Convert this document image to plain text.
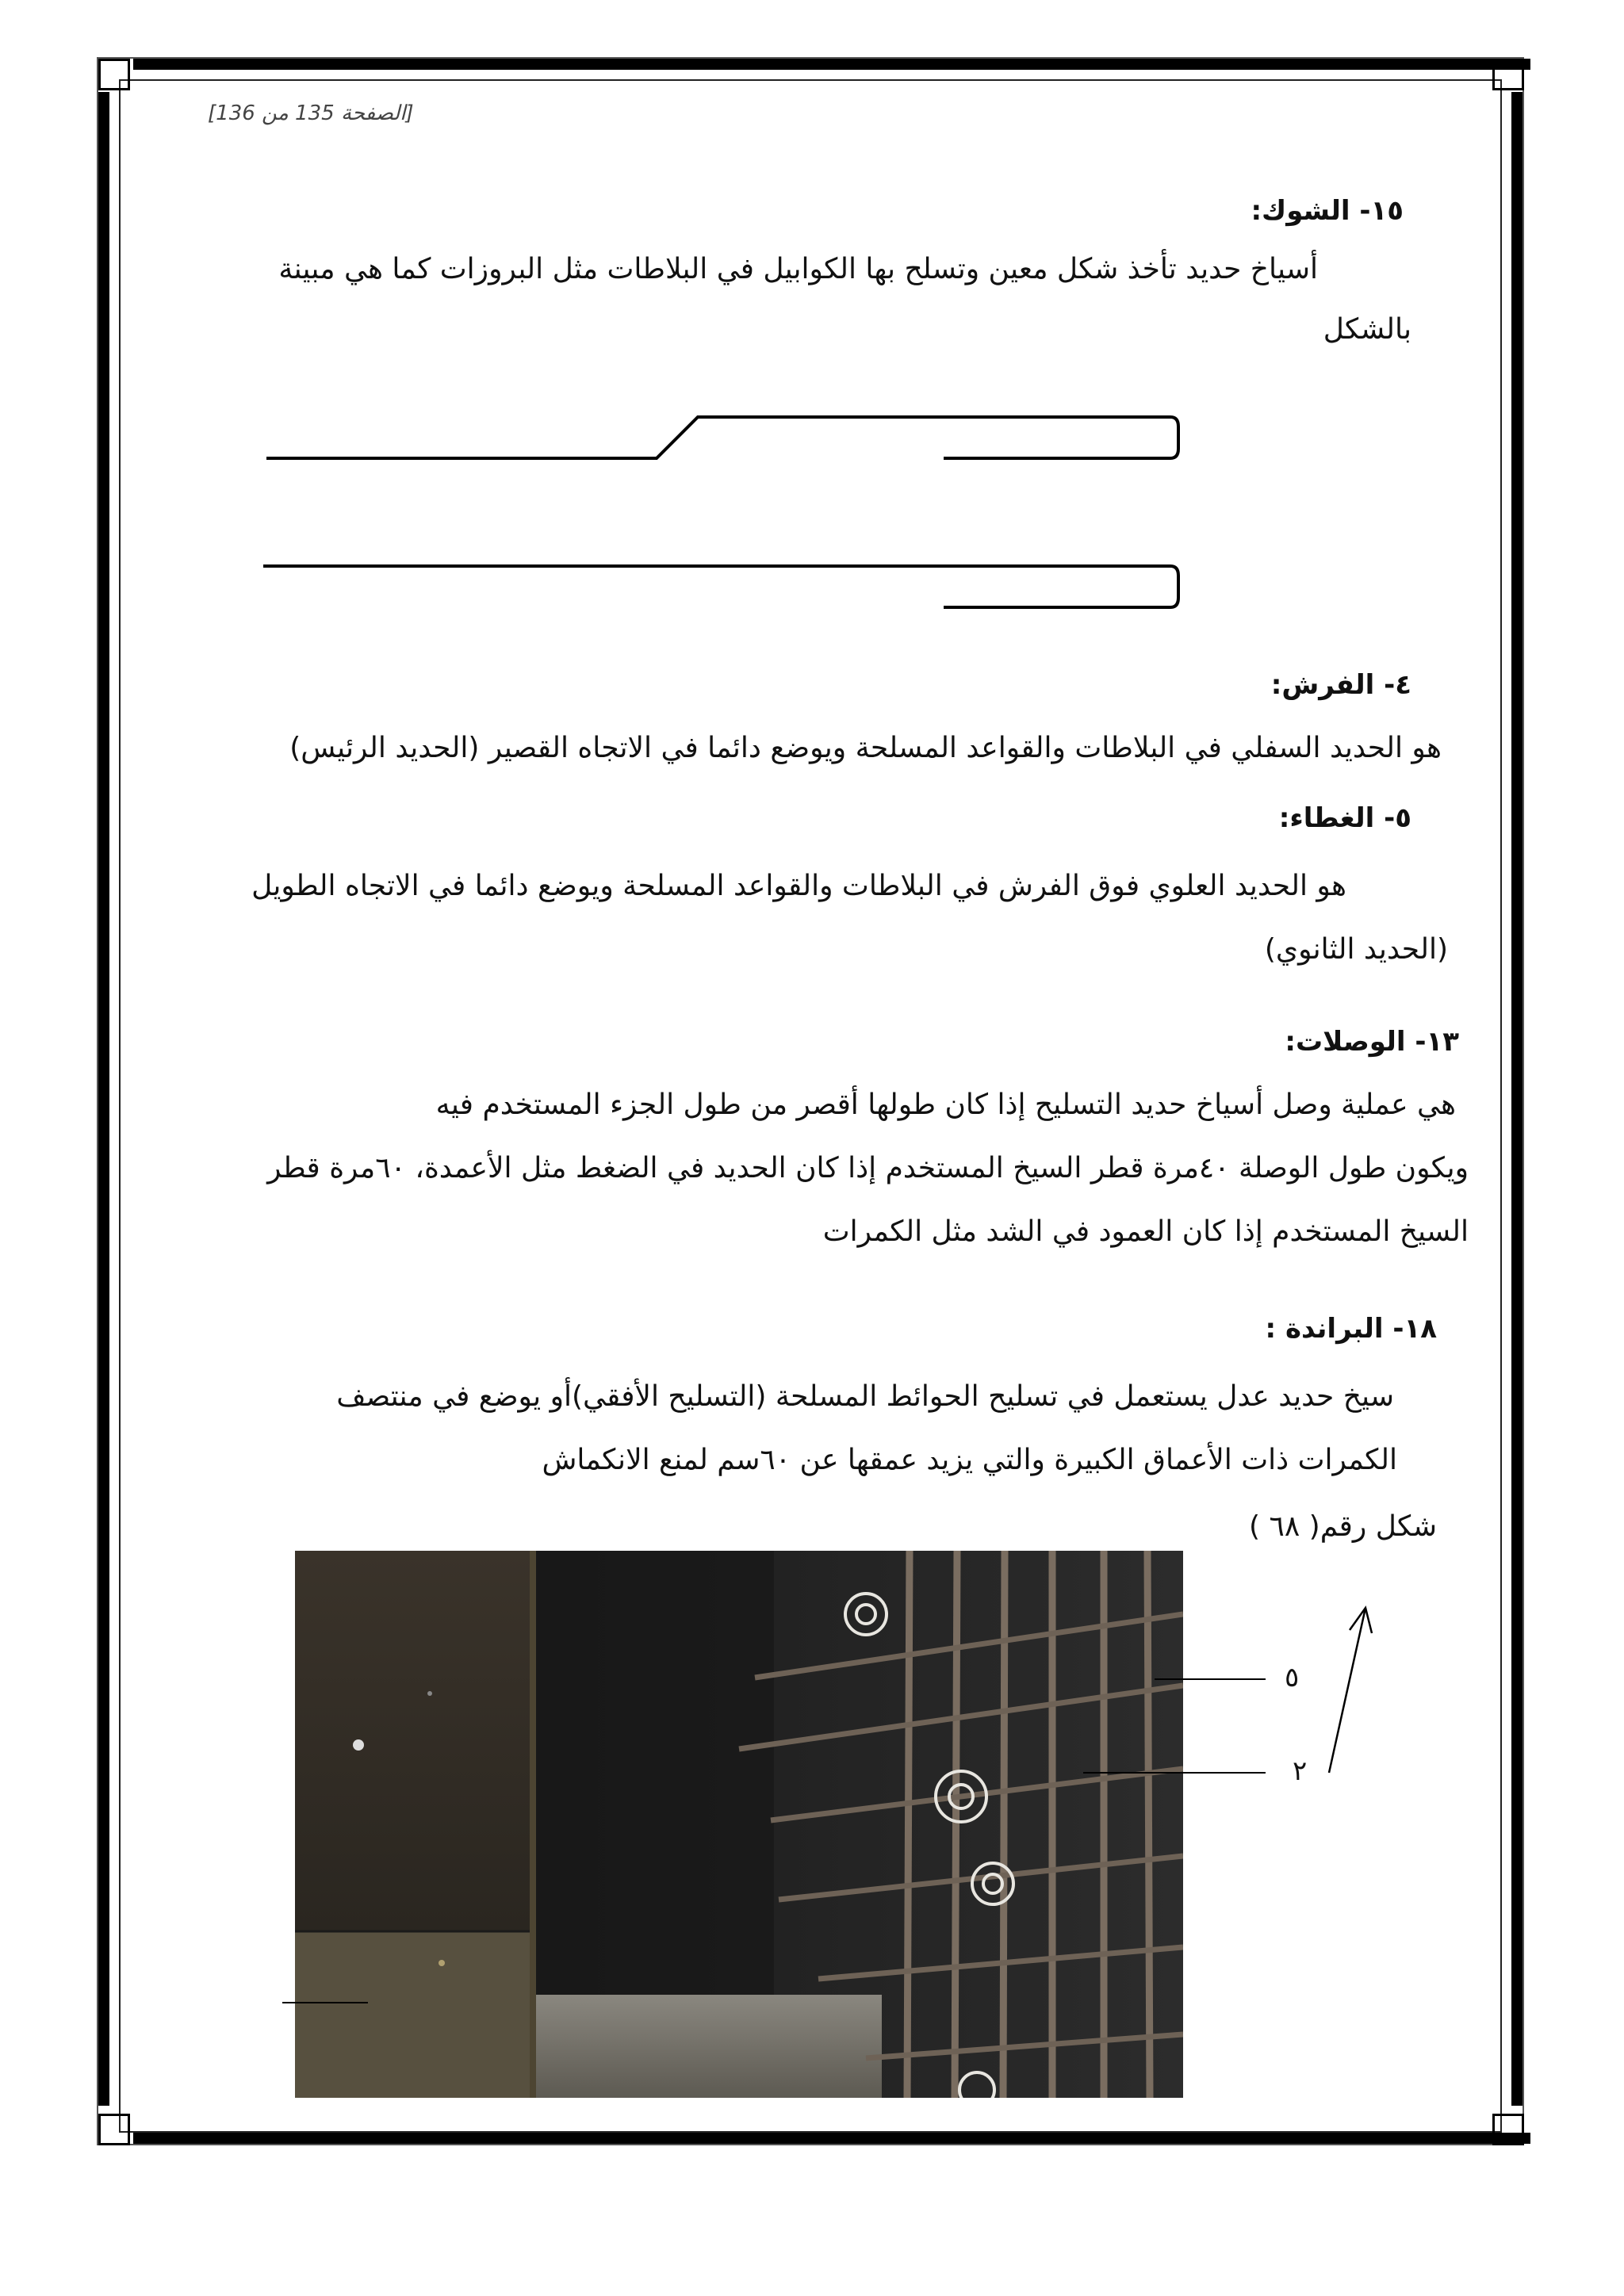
[الصفحة 135 من 136]
١٥- الشوك:
أسياخ حديد تأخذ شكل معين وتسلح بها الكوابيل في البلاطات مثل البروزات كما هي مبينة
بالشكل
٤- الفرش:
هو الحديد السفلي في البلاطات والقواعد المسلحة ويوضع دائما في الاتجاه القصير (الحديد الرئيس)
٥- الغطاء:
هو الحديد العلوي فوق الفرش في البلاطات والقواعد المسلحة ويوضع دائما في الاتجاه الطويل
(الحديد الثانوي)
١٣- الوصلات:
هي عملية وصل أسياخ حديد التسليح إذا كان طولها أقصر من طول الجزء المستخدم فيه
ويكون طول الوصلة ٤٠مرة قطر السيخ المستخدم إذا كان الحديد في الضغط مثل الأعمدة، ٦٠مرة قطر
السيخ المستخدم إذا كان العمود في الشد مثل الكمرات
١٨- البراندة :
سيخ حديد عدل يستعمل في تسليح الحوائط المسلحة (التسليح الأفقي)أو يوضع في منتصف
الكمرات ذات الأعماق الكبيرة والتي يزيد عمقها عن ٦٠سم لمنع الانكماش
شكل رقم( ٦٨ )
٥
٢
